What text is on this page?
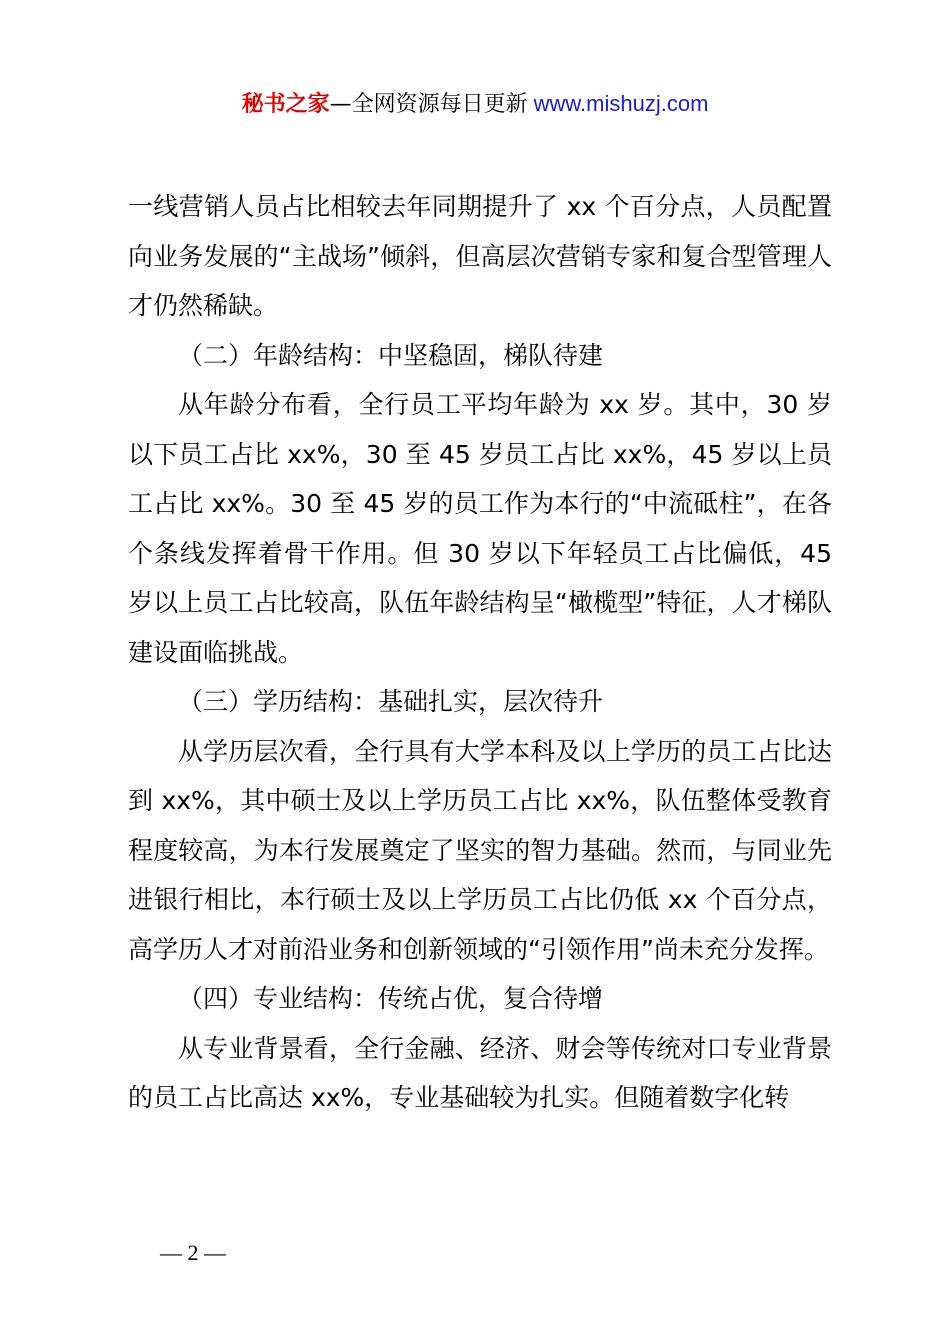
秘书之家—全网资源每日更新 www.mishuzj.com

一线营销人员占比相较去年同期提升了 xx 个百分点，人员配置向业务发展的“主战场”倾斜，但高层次营销专家和复合型管理人才仍然稀缺。

（二）年龄结构：中坚稳固，梯队待建

从年龄分布看，全行员工平均年龄为 xx 岁。其中，30 岁以下员工占比 xx%，30 至 45 岁员工占比 xx%，45 岁以上员工占比 xx%。30 至 45 岁的员工作为本行的“中流砥柱”，在各个条线发挥着骨干作用。但 30 岁以下年轻员工占比偏低，45 岁以上员工占比较高，队伍年龄结构呈“橄榄型”特征，人才梯队建设面临挑战。

（三）学历结构：基础扎实，层次待升

从学历层次看，全行具有大学本科及以上学历的员工占比达到 xx%，其中硕士及以上学历员工占比 xx%，队伍整体受教育程度较高，为本行发展奠定了坚实的智力基础。然而，与同业先进银行相比，本行硕士及以上学历员工占比仍低 xx 个百分点，高学历人才对前沿业务和创新领域的“引领作用”尚未充分发挥。

（四）专业结构：传统占优，复合待增

从专业背景看，全行金融、经济、财会等传统对口专业背景的员工占比高达 xx%，专业基础较为扎实。但随着数字化转

— 2 —
